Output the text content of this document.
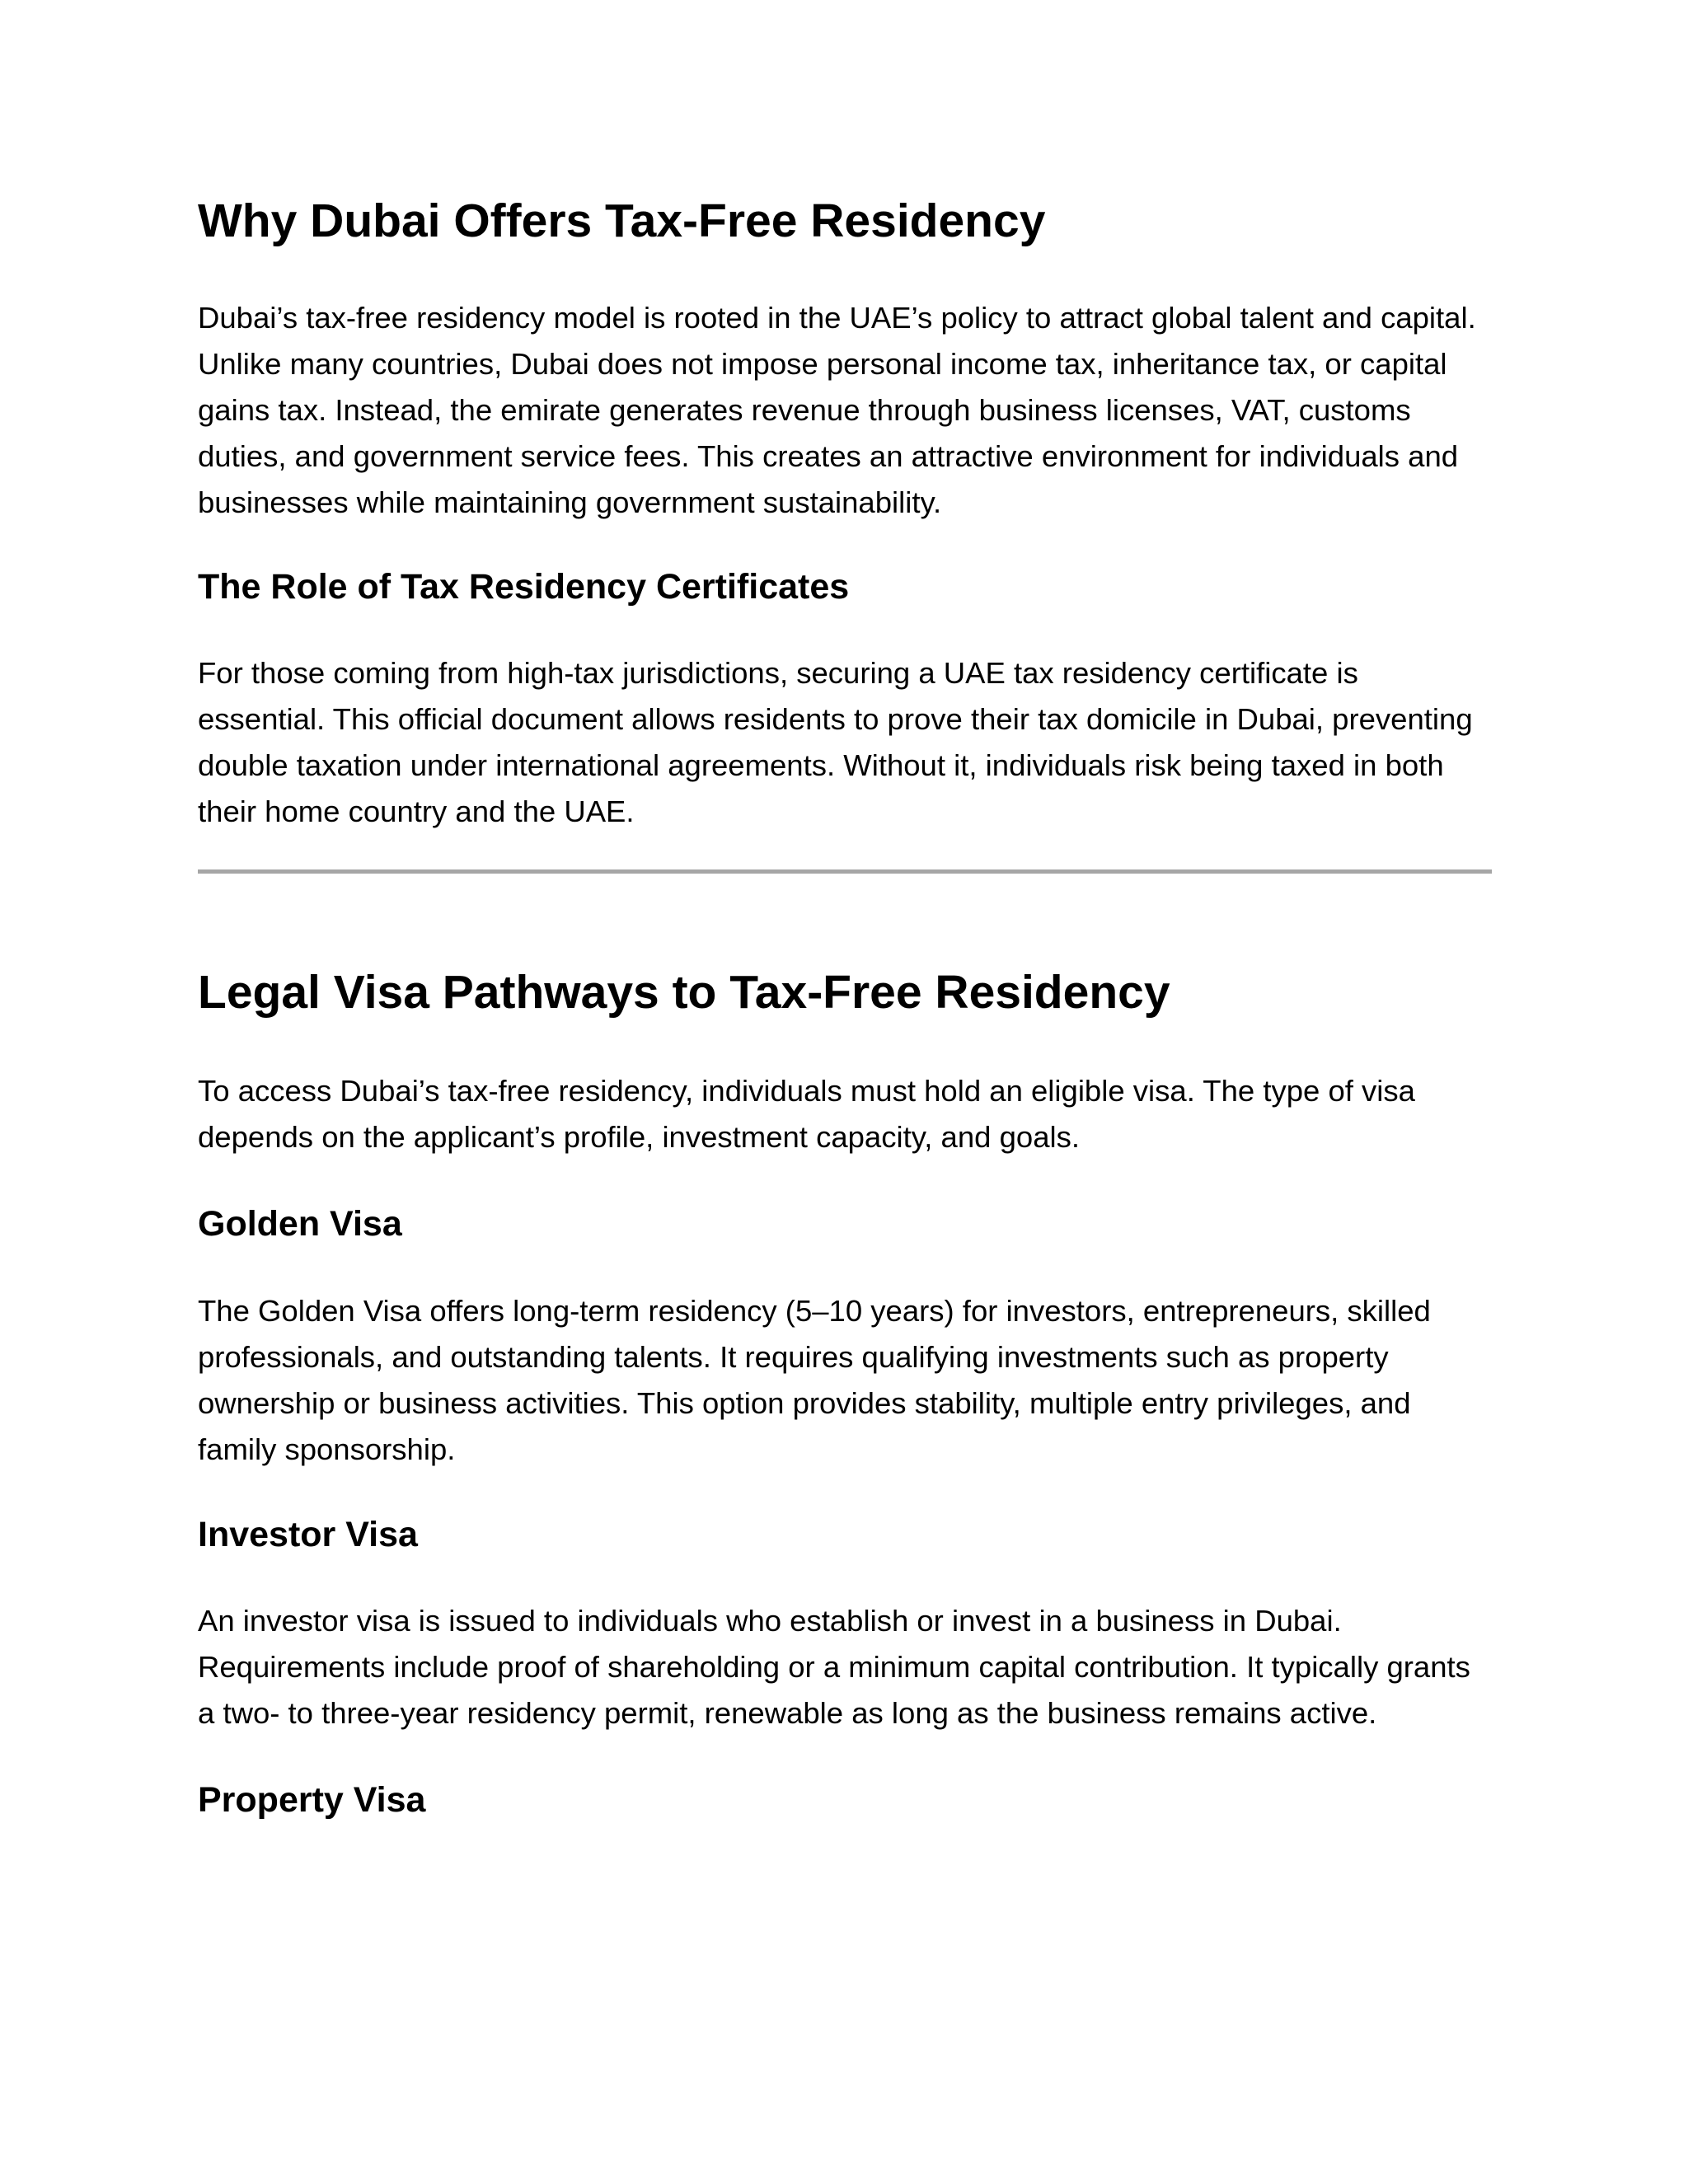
Why Dubai Offers Tax-Free Residency

Dubai’s tax-free residency model is rooted in the UAE’s policy to attract global talent and capital. Unlike many countries, Dubai does not impose personal income tax, inheritance tax, or capital gains tax. Instead, the emirate generates revenue through business licenses, VAT, customs duties, and government service fees. This creates an attractive environment for individuals and businesses while maintaining government sustainability.

The Role of Tax Residency Certificates

For those coming from high-tax jurisdictions, securing a UAE tax residency certificate is essential. This official document allows residents to prove their tax domicile in Dubai, preventing double taxation under international agreements. Without it, individuals risk being taxed in both their home country and the UAE.

Legal Visa Pathways to Tax-Free Residency

To access Dubai’s tax-free residency, individuals must hold an eligible visa. The type of visa depends on the applicant’s profile, investment capacity, and goals.

Golden Visa

The Golden Visa offers long-term residency (5–10 years) for investors, entrepreneurs, skilled professionals, and outstanding talents. It requires qualifying investments such as property ownership or business activities. This option provides stability, multiple entry privileges, and family sponsorship.

Investor Visa

An investor visa is issued to individuals who establish or invest in a business in Dubai. Requirements include proof of shareholding or a minimum capital contribution. It typically grants a two- to three-year residency permit, renewable as long as the business remains active.

Property Visa
